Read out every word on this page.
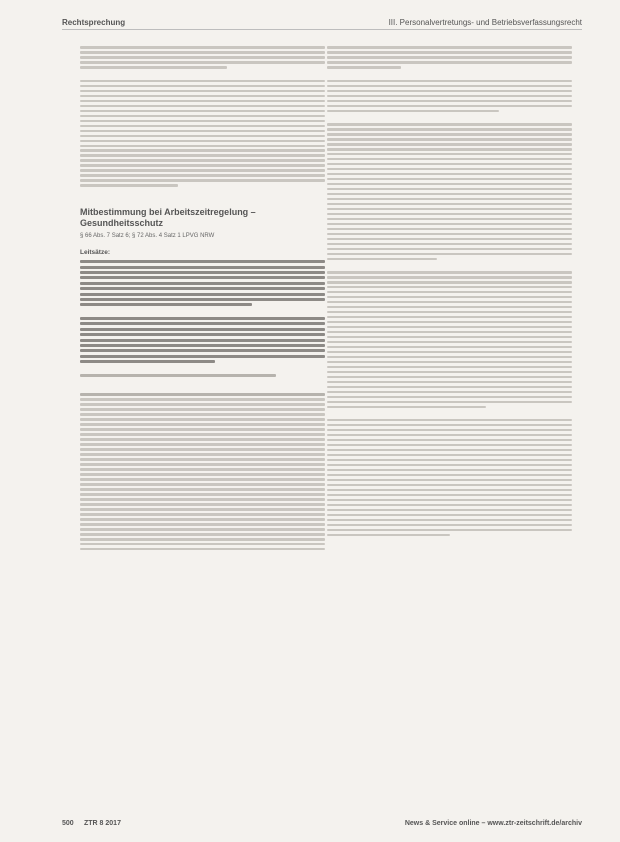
Rechtsprechung	III. Personalvertretungs- und Betriebsverfassungsrecht
Mitbestimmung bei Arbeitszeitregelung – Gesundheitsschutz
§ 66 Abs. 7 Satz 6; § 72 Abs. 4 Satz 1 LPVG NRW
Leitsätze:
500 ZTR 8 2017	News & Service online – www.ztr-zeitschrift.de/archiv
